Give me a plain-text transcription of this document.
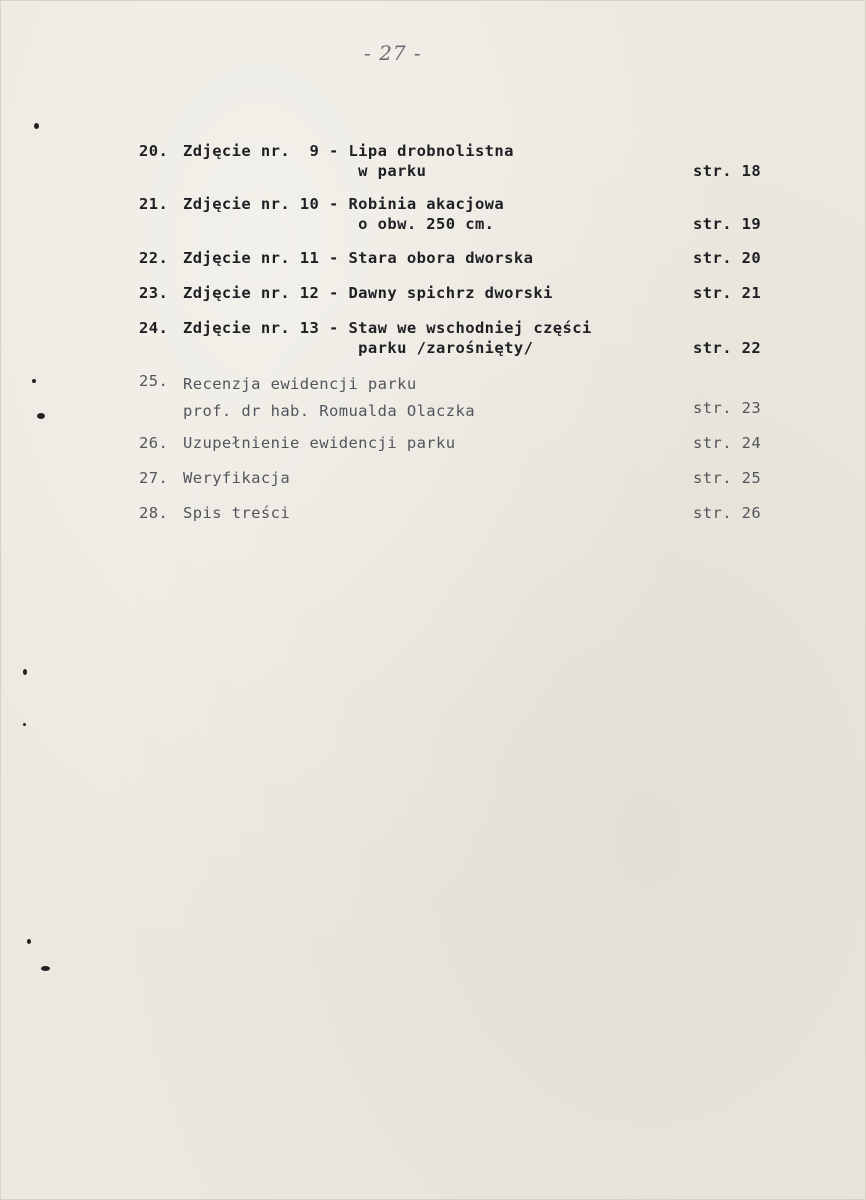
- 27 -
20. Zdjęcie nr.  9 - Lipa drobnolistna
w parku	str. 18
21. Zdjęcie nr. 10 - Robinia akacjowa
o obw. 250 cm.	str. 19
22. Zdjęcie nr. 11 - Stara obora dworska	str. 20
23. Zdjęcie nr. 12 - Dawny spichrz dworski	str. 21
24. Zdjęcie nr. 13 - Staw we wschodniej części
parku /zarośnięty/	str. 22
25. Recenzja ewidencji parku
prof. dr hab. Romualda Olaczka	str. 23
26. Uzupełnienie ewidencji parku	str. 24
27. Weryfikacja	str. 25
28. Spis treści	str. 26
